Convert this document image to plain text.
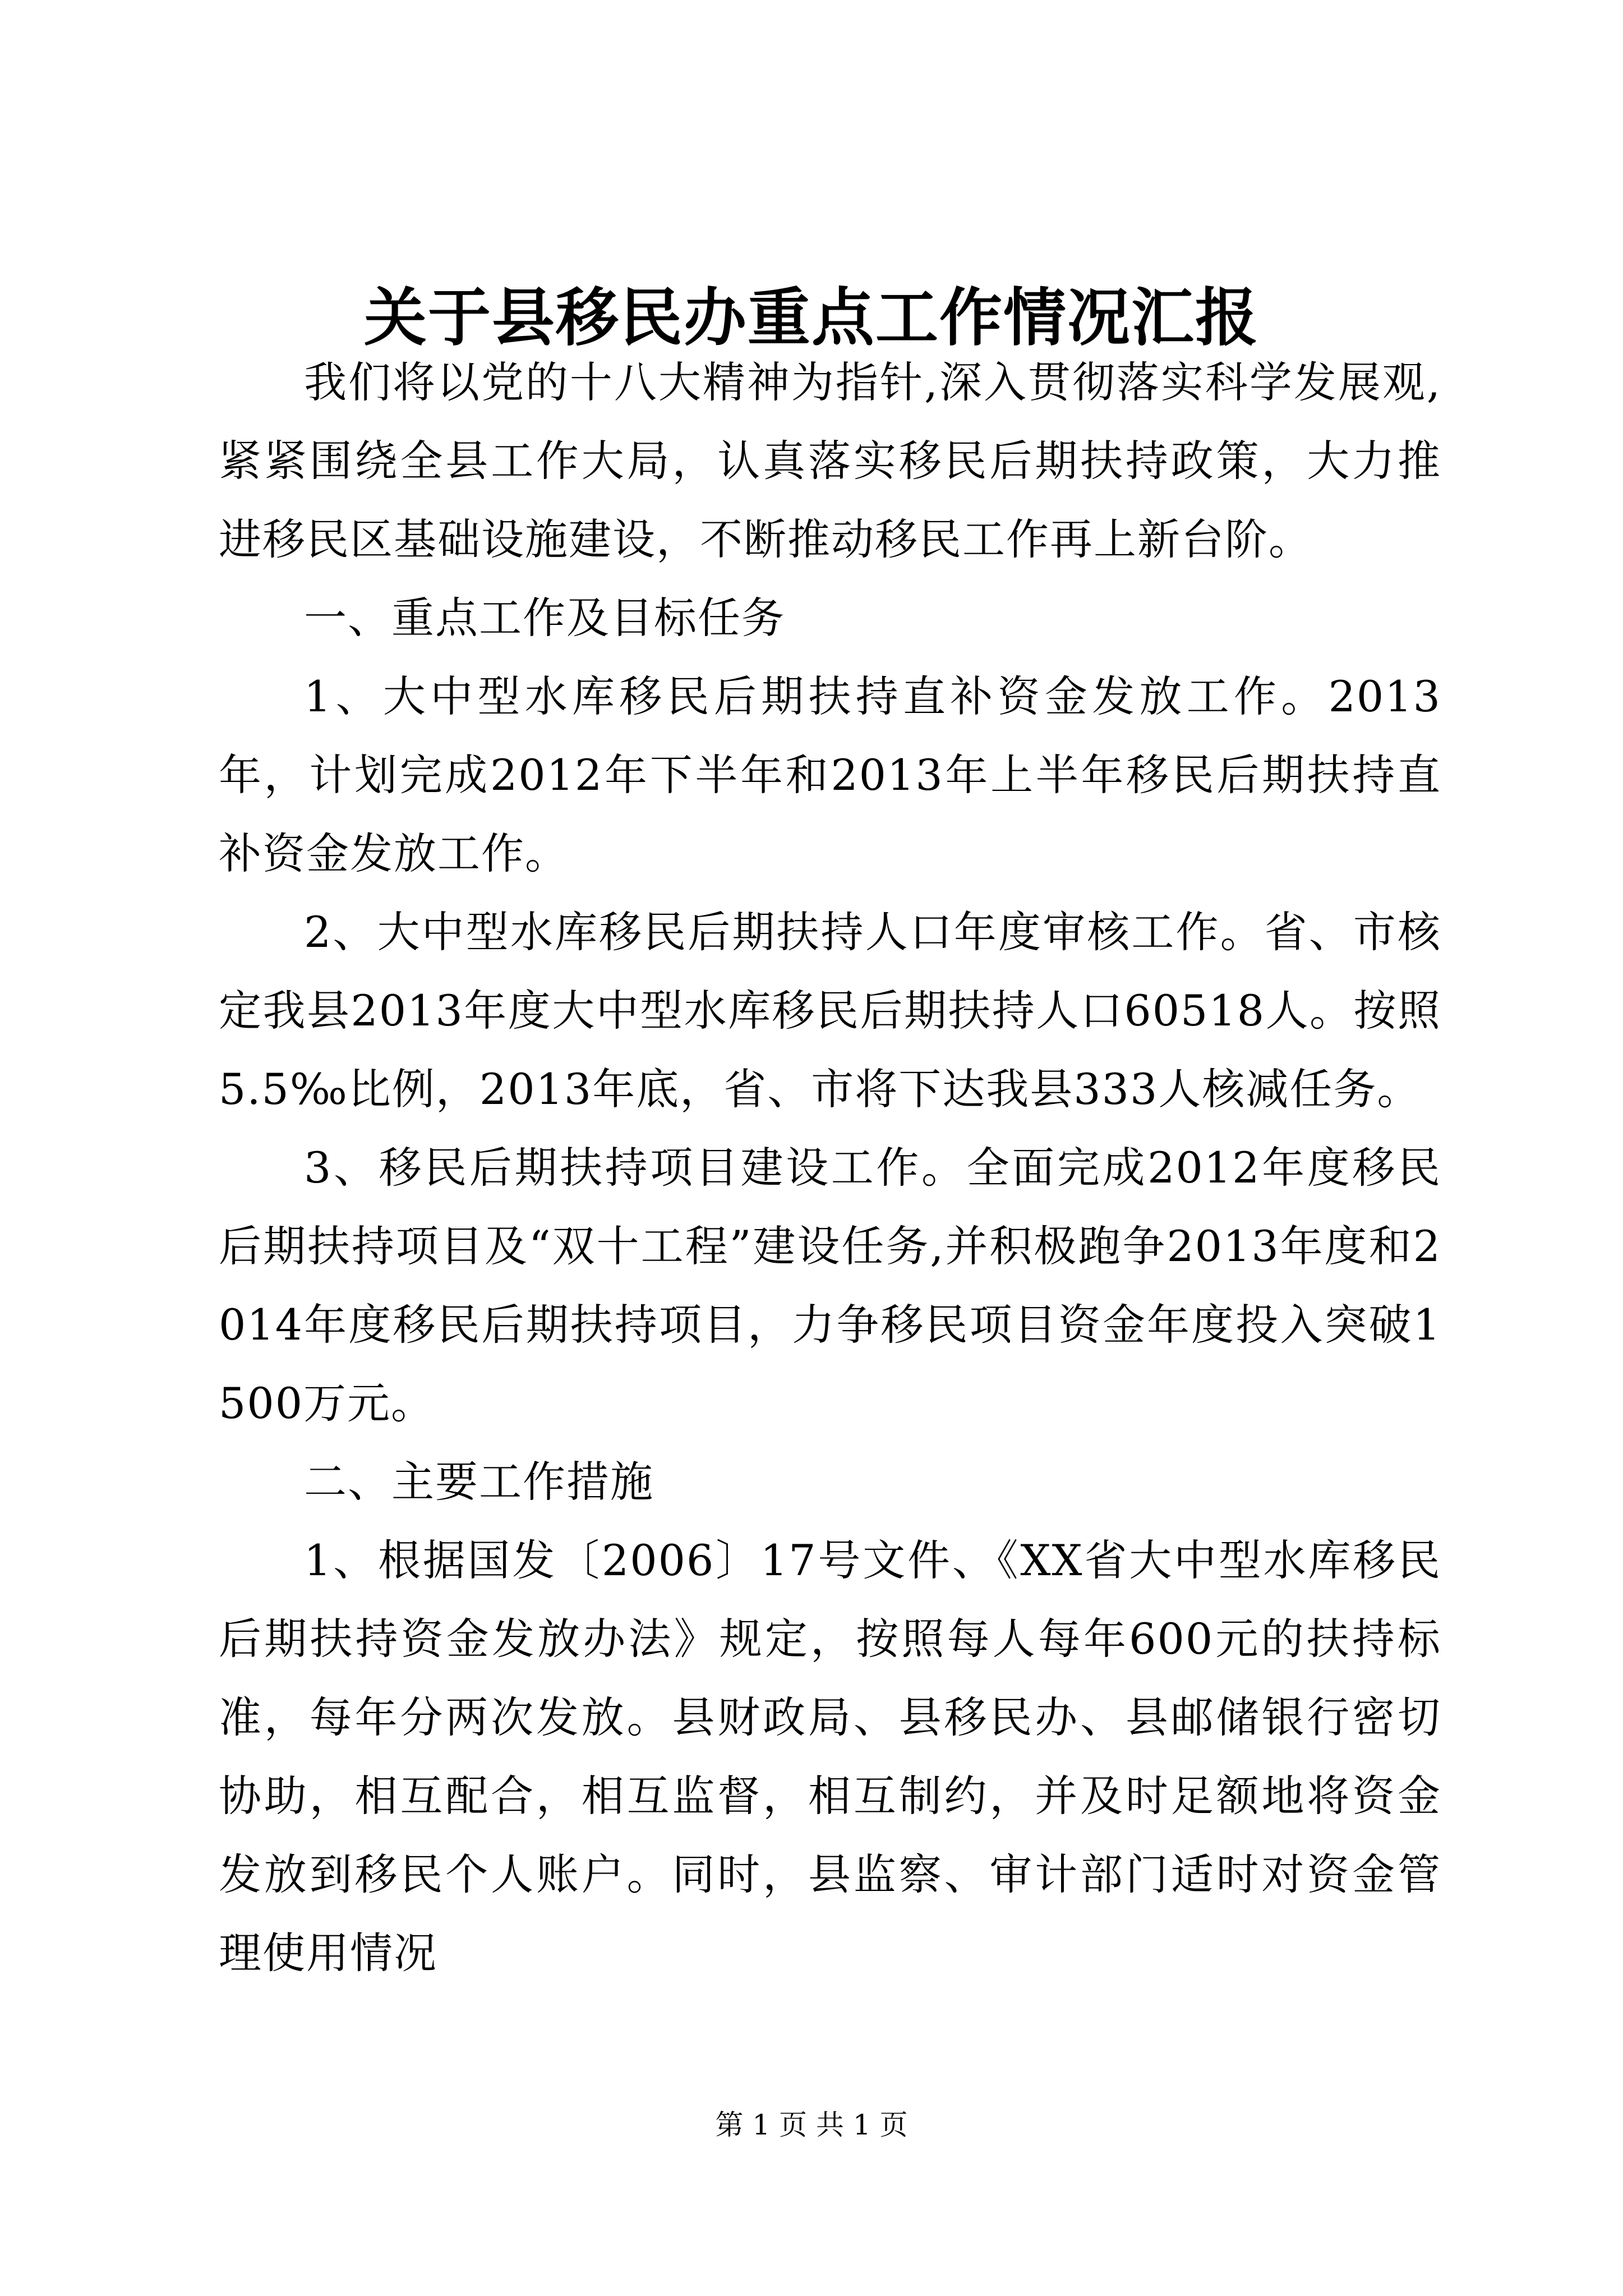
关于县移民办重点工作情况汇报

我们将以党的十八大精神为指针,深入贯彻落实科学发展观,紧紧围绕全县工作大局，认真落实移民后期扶持政策，大力推进移民区基础设施建设，不断推动移民工作再上新台阶。

一、重点工作及目标任务

1、大中型水库移民后期扶持直补资金发放工作。2013年，计划完成2012年下半年和2013年上半年移民后期扶持直补资金发放工作。

2、大中型水库移民后期扶持人口年度审核工作。省、市核定我县2013年度大中型水库移民后期扶持人口60518人。按照5.5‰比例，2013年底，省、市将下达我县333人核减任务。

3、移民后期扶持项目建设工作。全面完成2012年度移民后期扶持项目及“双十工程”建设任务,并积极跑争2013年度和2014年度移民后期扶持项目，力争移民项目资金年度投入突破1500万元。

二、主要工作措施

1、根据国发〔2006〕17号文件、《XX省大中型水库移民后期扶持资金发放办法》规定，按照每人每年600元的扶持标准，每年分两次发放。县财政局、县移民办、县邮储银行密切协助，相互配合，相互监督，相互制约，并及时足额地将资金发放到移民个人账户。同时，县监察、审计部门适时对资金管理使用情况

第 1 页 共 1 页
